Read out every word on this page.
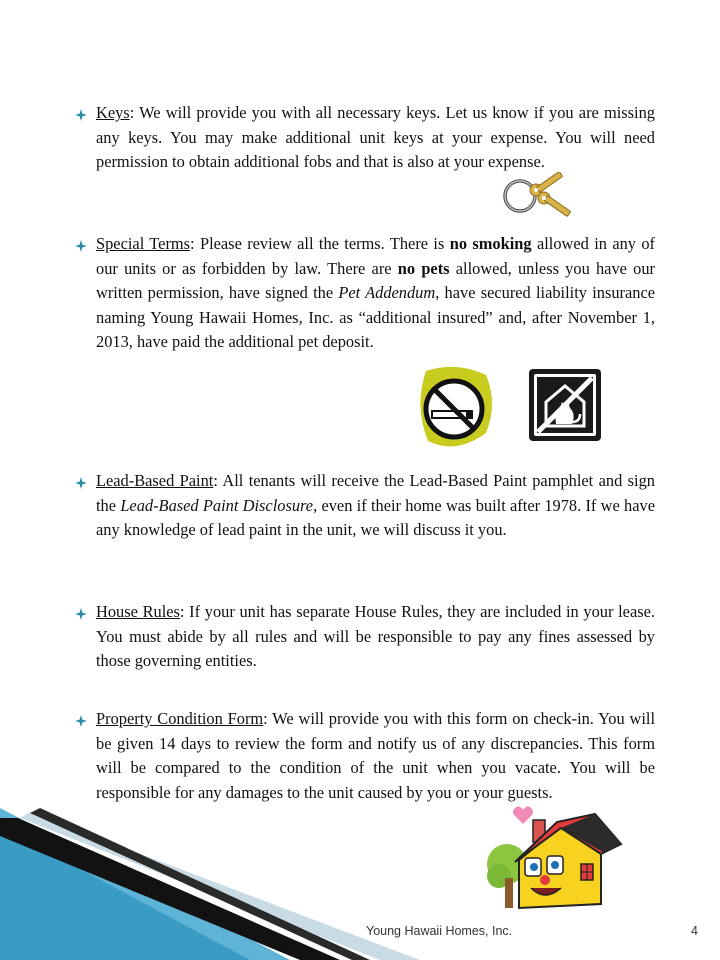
Keys: We will provide you with all necessary keys. Let us know if you are missing any keys. You may make additional unit keys at your expense. You will need permission to obtain additional fobs and that is also at your expense.
Special Terms: Please review all the terms. There is no smoking allowed in any of our units or as forbidden by law. There are no pets allowed, unless you have our written permission, have signed the Pet Addendum, have secured liability insurance naming Young Hawaii Homes, Inc. as “additional insured” and, after November 1, 2013, have paid the additional pet deposit.
Lead-Based Paint: All tenants will receive the Lead-Based Paint pamphlet and sign the Lead-Based Paint Disclosure, even if their home was built after 1978. If we have any knowledge of lead paint in the unit, we will discuss it you.
House Rules: If your unit has separate House Rules, they are included in your lease. You must abide by all rules and will be responsible to pay any fines assessed by those governing entities.
Property Condition Form: We will provide you with this form on check-in. You will be given 14 days to review the form and notify us of any discrepancies. This form will be compared to the condition of the unit when you vacate. You will be responsible for any damages to the unit caused by you or your guests.
Young Hawaii Homes, Inc.	4
